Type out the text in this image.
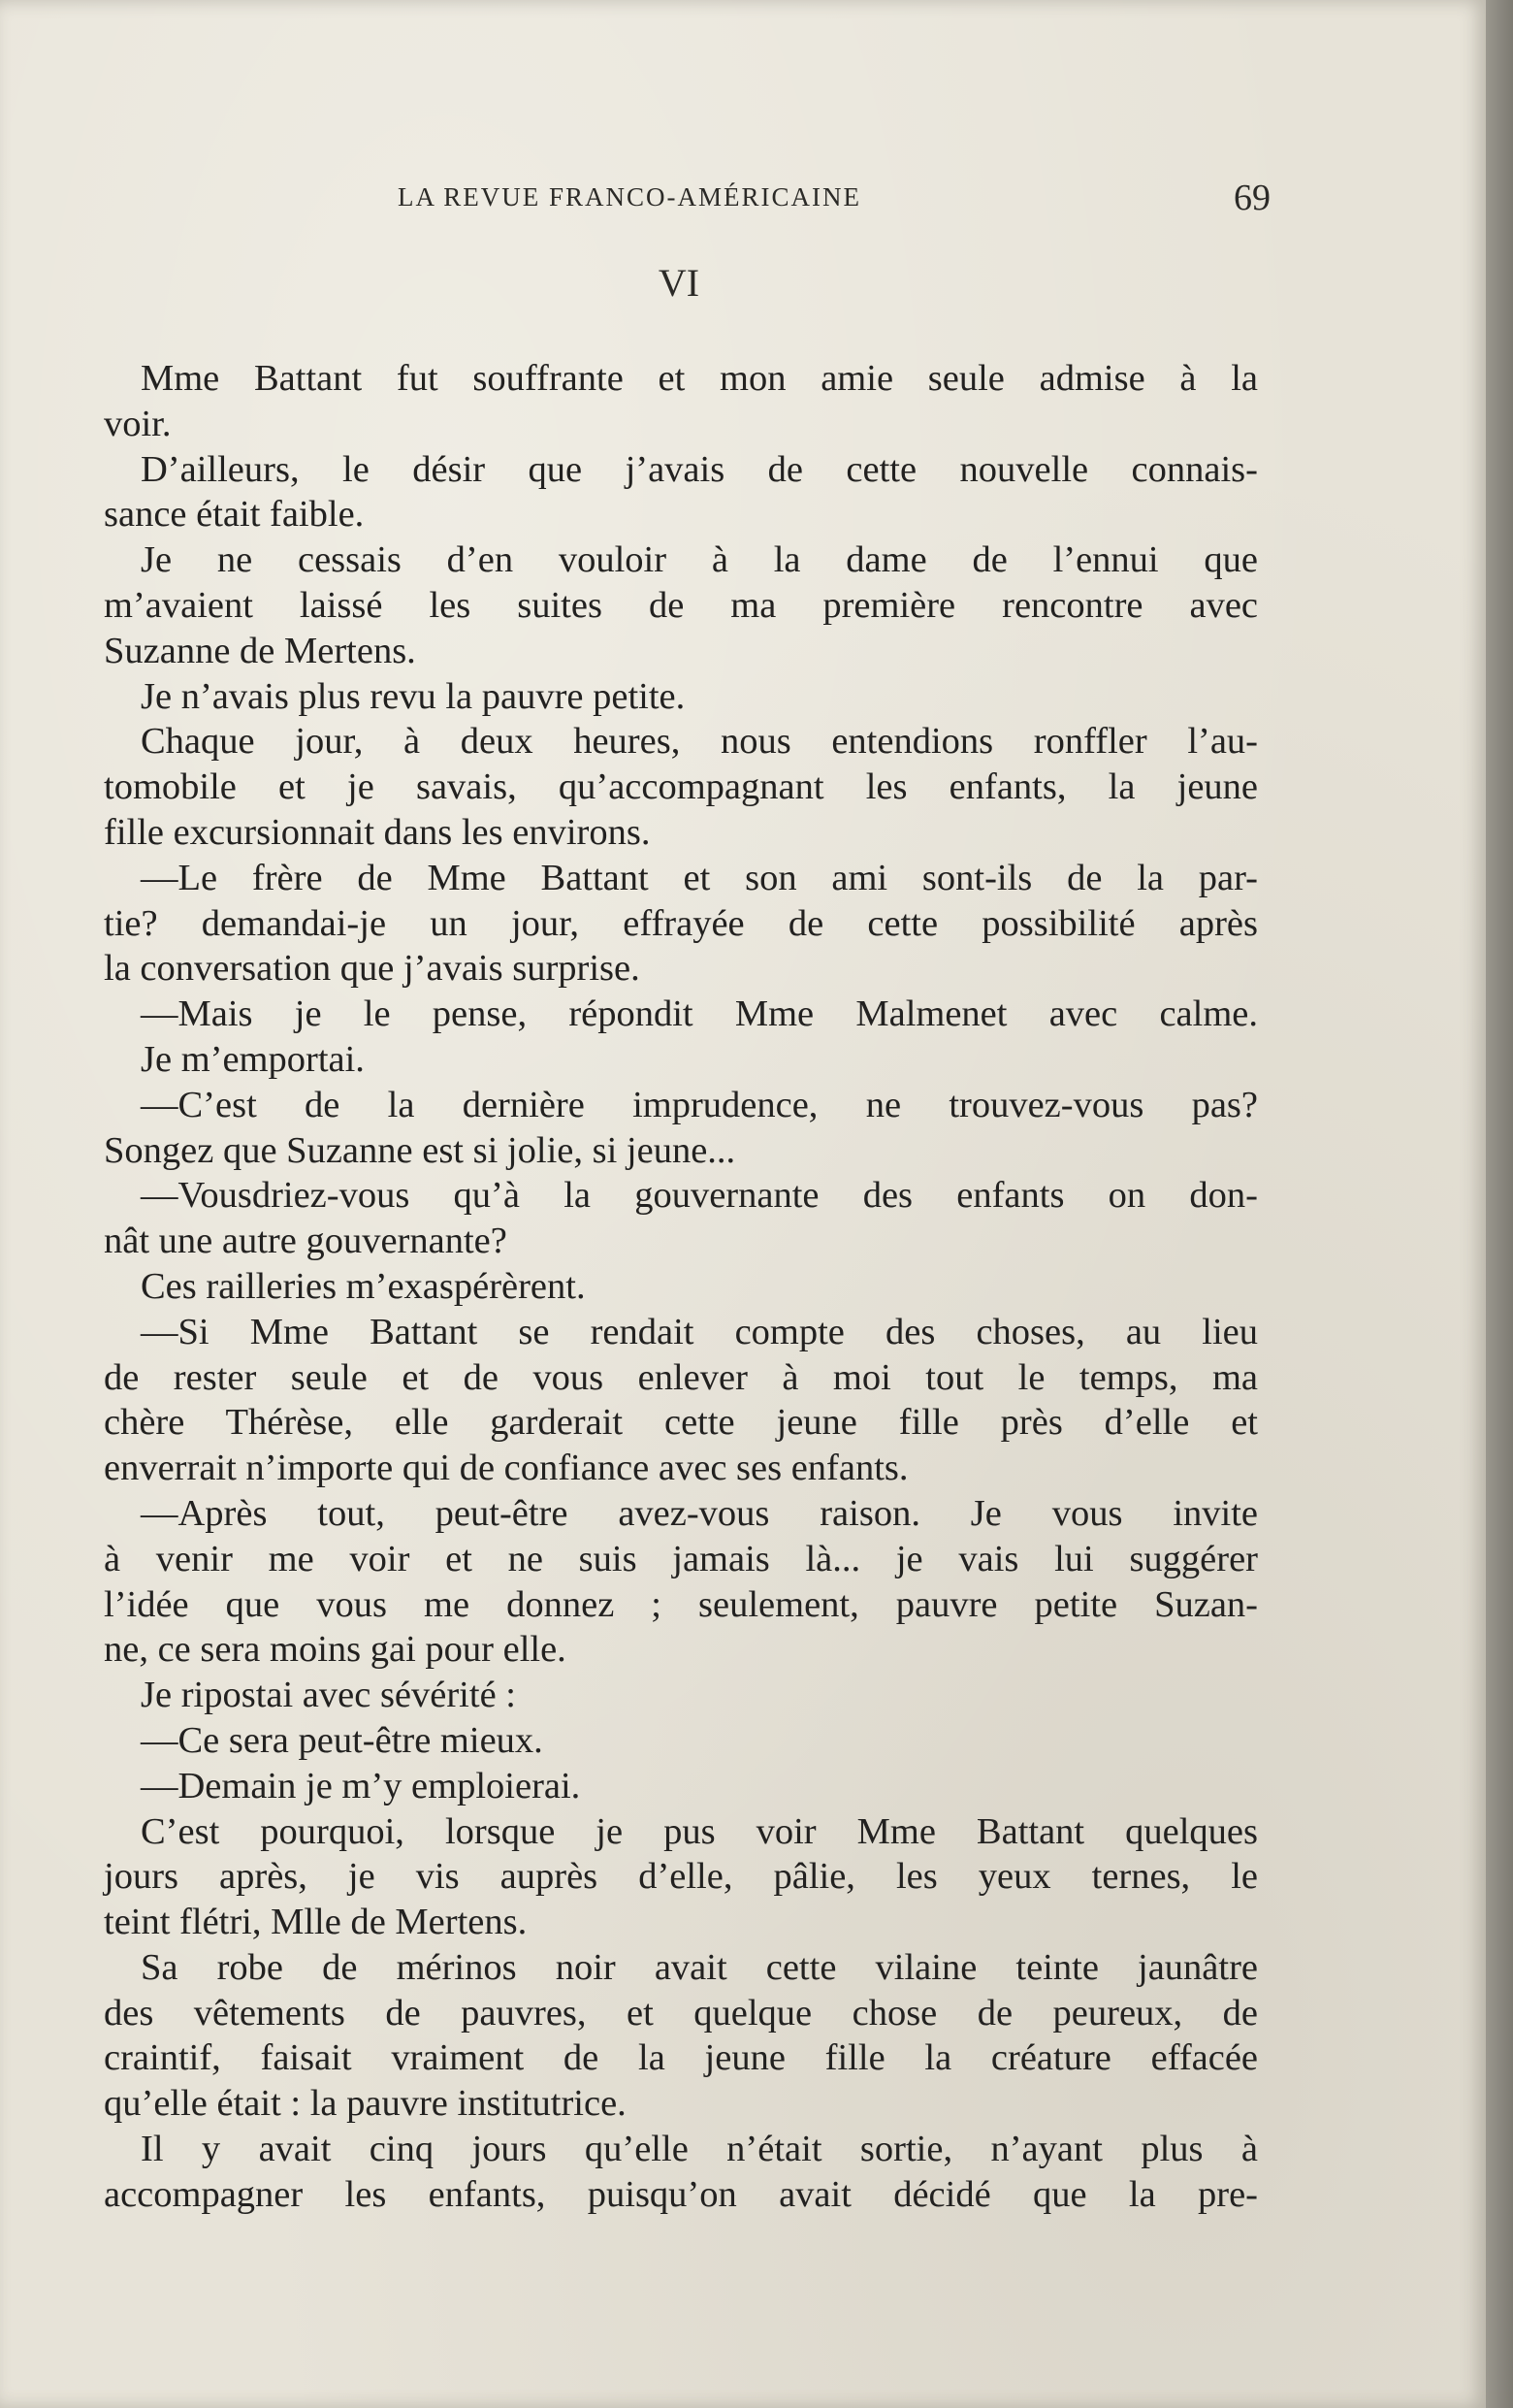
LA REVUE FRANCO-AMÉRICAINE	69
VI
Mme Battant fut souffrante et mon amie seule admise à la
voir.
D’ailleurs, le désir que j’avais de cette nouvelle connais-
sance était faible.
Je ne cessais d’en vouloir à la dame de l’ennui que
m’avaient laissé les suites de ma première rencontre avec
Suzanne de Mertens.
Je n’avais plus revu la pauvre petite.
Chaque jour, à deux heures, nous entendions ronffler l’au-
tomobile et je savais, qu’accompagnant les enfants, la jeune
fille excursionnait dans les environs.
—Le frère de Mme Battant et son ami sont-ils de la par-
tie? demandai-je un jour, effrayée de cette possibilité après
la conversation que j’avais surprise.
—Mais je le pense, répondit Mme Malmenet avec calme.
Je m’emportai.
—C’est de la dernière imprudence, ne trouvez-vous pas?
Songez que Suzanne est si jolie, si jeune...
—Vousdriez-vous qu’à la gouvernante des enfants on don-
nât une autre gouvernante?
Ces railleries m’exaspérèrent.
—Si Mme Battant se rendait compte des choses, au lieu
de rester seule et de vous enlever à moi tout le temps, ma
chère Thérèse, elle garderait cette jeune fille près d’elle et
enverrait n’importe qui de confiance avec ses enfants.
—Après tout, peut-être avez-vous raison. Je vous invite
à venir me voir et ne suis jamais là... je vais lui suggérer
l’idée que vous me donnez ; seulement, pauvre petite Suzan-
ne, ce sera moins gai pour elle.
Je ripostai avec sévérité :
—Ce sera peut-être mieux.
—Demain je m’y emploierai.
C’est pourquoi, lorsque je pus voir Mme Battant quelques
jours après, je vis auprès d’elle, pâlie, les yeux ternes, le
teint flétri, Mlle de Mertens.
Sa robe de mérinos noir avait cette vilaine teinte jaunâtre
des vêtements de pauvres, et quelque chose de peureux, de
craintif, faisait vraiment de la jeune fille la créature effacée
qu’elle était : la pauvre institutrice.
Il y avait cinq jours qu’elle n’était sortie, n’ayant plus à
accompagner les enfants, puisqu’on avait décidé que la pre-
